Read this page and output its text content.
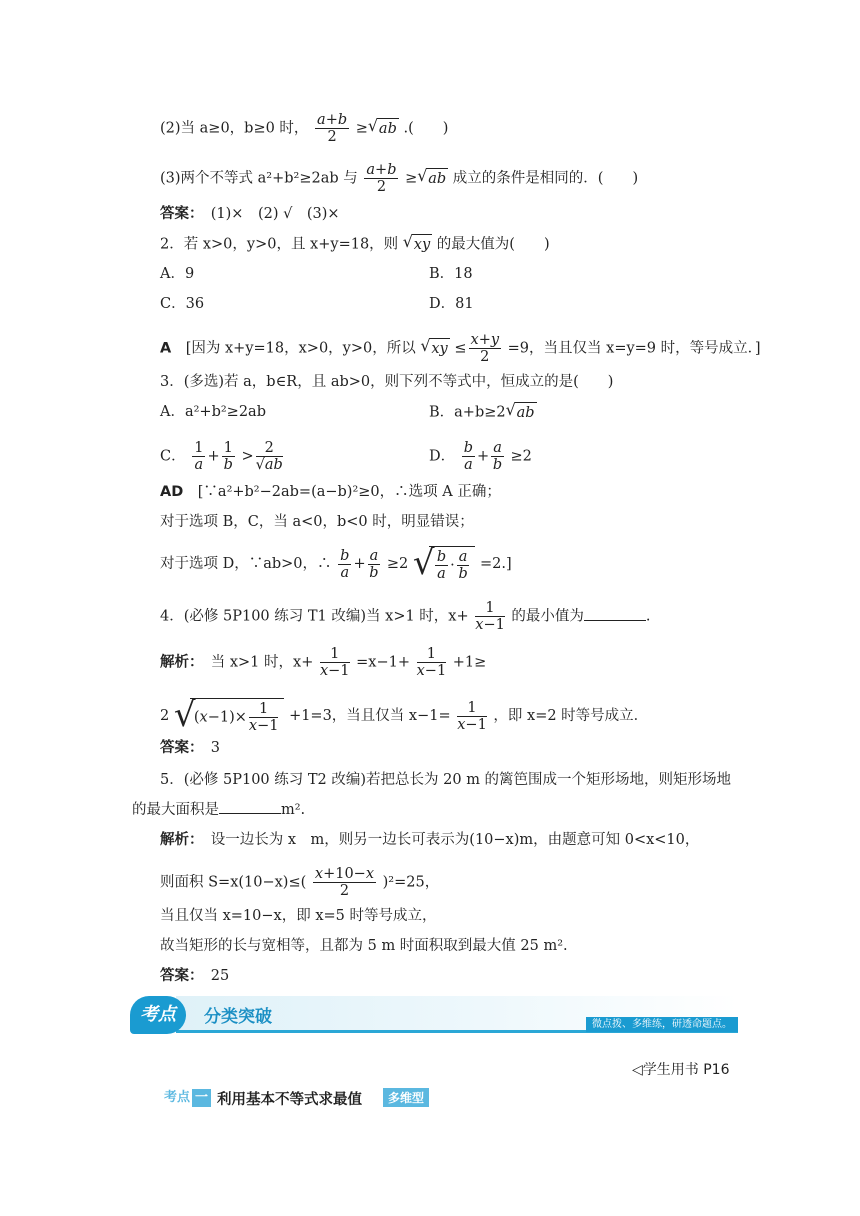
(2)当 a≥0，b≥0 时， $\frac{a+b}{2}$ ≥ √ ab .(　　)
(3)两个不等式 a²+b²≥2ab 与 $\frac{a+b}{2}$ ≥ √ ab 成立的条件是相同的．(　　)
答案：　 (1)×　(2) √　(3)×
2．若 x>0，y>0，且 x+y=18，则 √ xy 的最大值为(　　)
A．9	B．18
C．36	D．81
A　 [因为 x+y=18，x>0，y>0，所以 √ xy ≤ $\frac{x+y}{2} =9$，当且仅当 x=y=9 时，等号成立．]
3．(多选)若 a，b∈R，且 ab>0，则下列不等式中，恒成立的是(　　)
A．a²+b²≥2ab	B．a+b≥2 √ ab
C． $\frac{1}{a} + \frac{1}{b} > \frac{2}{√ab}$	D． $\frac{b}{a} + \frac{a}{b} \ge 2$
AD　 [∵a²+b²−2ab=(a−b)²≥0，∴选项 A 正确；
对于选项 B，C，当 a<0，b<0 时，明显错误；
对于选项 D，∵ab>0，∴ $\frac{b}{a} + \frac{a}{b} \ge 2$ √ $\frac{b}{a} \cdot \frac{a}{b} =2$.]
4．(必修 5P100 练习 T1 改编)当 x>1 时，$x+ \frac{1}{x-1}$ 的最小值为	.
解析：　 当 x>1 时，$x+ \frac{1}{x-1} =x-1+ \frac{1}{x-1} +1\ge$
2 √
$(x-1)\times \frac{1}{x-1} +1=3$，当且仅当 $x-1= \frac{1}{x-1}$ ，即 x=2 时等号成立．
答案：　 3
5．(必修 5P100 练习 T2 改编)若把总长为 20 m 的篱笆围成一个矩形场地，则矩形场地
的最大面积是	m².
解析：　 设一边长为 x　m，则另一边长可表示为(10−x)m，由题意可知 0<x<10，
则面积 $S=x(10-x)\le( \frac{x+10-x}{2} )^2=25$，
当且仅当 x=10−x，即 x=5 时等号成立，
故当矩形的长与宽相等，且都为 5 m 时面积取到最大值 25 m².
答案：　 25
考点	分类突破	微点拨、多维练，研透命题点。
◁学生用书 P16
考点 一 利用基本不等式求最值	多维型
